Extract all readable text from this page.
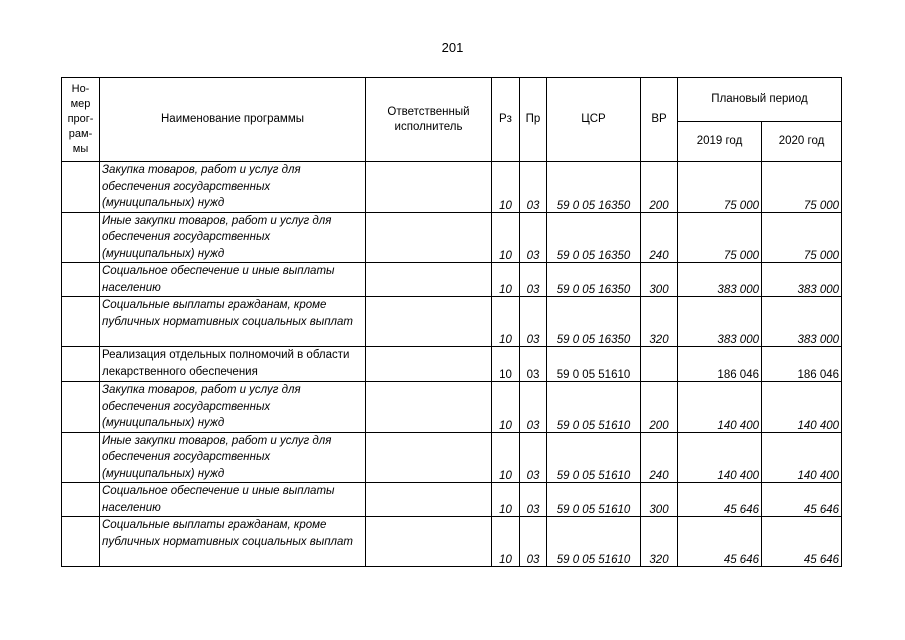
201
Но-мер прог-рам-мы	Наименование программы	Ответственный исполнитель	Рз	Пр	ЦСР	ВР	Плановый период	
							2019 год	2020 год
	Закупка товаров, работ и услуг для обеспечения государственных (муниципальных) нужд		10	03	59 0 05 16350	200	75 000	75 000
	Иные закупки товаров, работ и услуг для обеспечения государственных (муниципальных) нужд		10	03	59 0 05 16350	240	75 000	75 000
	Социальное обеспечение и иные выплаты населению		10	03	59 0 05 16350	300	383 000	383 000
	Социальные выплаты гражданам, кроме публичных нормативных социальных выплат		10	03	59 0 05 16350	320	383 000	383 000
	Реализация отдельных полномочий в области лекарственного обеспечения		10	03	59 0 05 51610		186 046	186 046
	Закупка товаров, работ и услуг для обеспечения государственных (муниципальных) нужд		10	03	59 0 05 51610	200	140 400	140 400
	Иные закупки товаров, работ и услуг для обеспечения государственных (муниципальных) нужд		10	03	59 0 05 51610	240	140 400	140 400
	Социальное обеспечение и иные выплаты населению		10	03	59 0 05 51610	300	45 646	45 646
	Социальные выплаты гражданам, кроме публичных нормативных социальных выплат		10	03	59 0 05 51610	320	45 646	45 646
